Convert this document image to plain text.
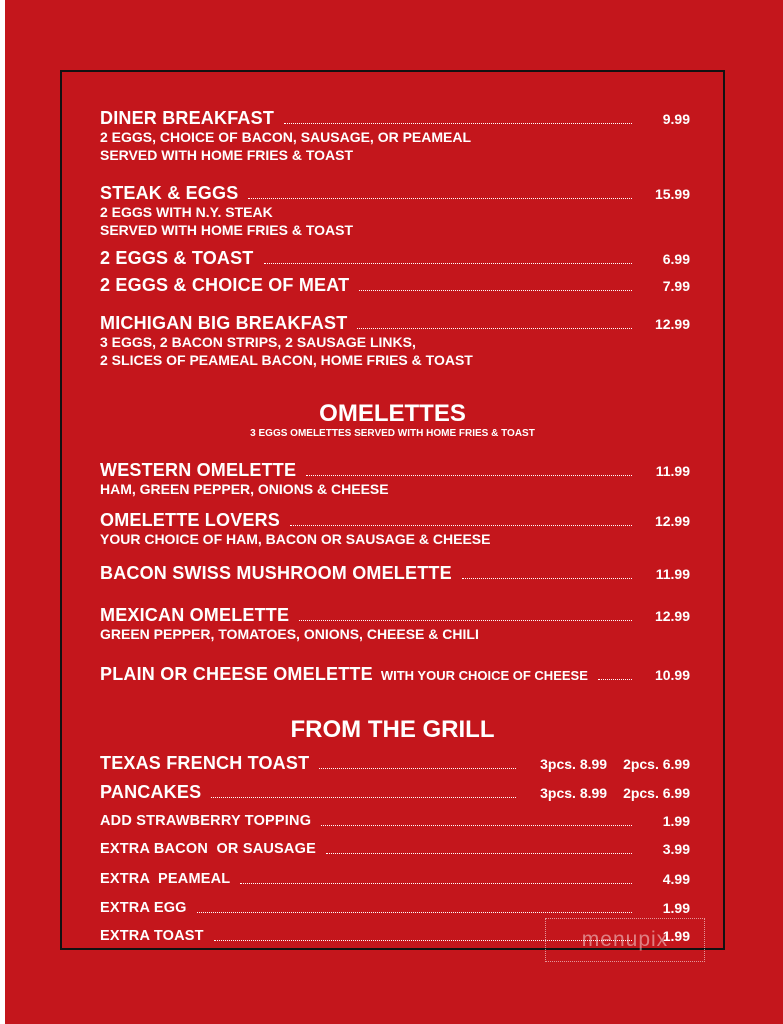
DINER BREAKFAST	9.99
2 EGGS, CHOICE OF BACON, SAUSAGE, OR PEAMEAL
SERVED WITH HOME FRIES & TOAST
STEAK & EGGS	15.99
2 EGGS WITH N.Y. STEAK
SERVED WITH HOME FRIES & TOAST
2 EGGS & TOAST	6.99
2 EGGS & CHOICE OF MEAT	7.99
MICHIGAN BIG BREAKFAST	12.99
3 EGGS, 2 BACON STRIPS, 2 SAUSAGE LINKS,
2 SLICES OF PEAMEAL BACON, HOME FRIES & TOAST
OMELETTES
3 EGGS OMELETTES SERVED WITH HOME FRIES & TOAST
WESTERN OMELETTE	11.99
HAM, GREEN PEPPER, ONIONS & CHEESE
OMELETTE LOVERS	12.99
YOUR CHOICE OF HAM, BACON OR SAUSAGE & CHEESE
BACON SWISS MUSHROOM OMELETTE	11.99
MEXICAN OMELETTE	12.99
GREEN PEPPER, TOMATOES, ONIONS, CHEESE & CHILI
PLAIN OR CHEESE OMELETTE WITH YOUR CHOICE OF CHEESE	10.99
FROM THE GRILL
TEXAS FRENCH TOAST	3pcs. 8.99 2pcs. 6.99
PANCAKES	3pcs. 8.99 2pcs. 6.99
ADD STRAWBERRY TOPPING	1.99
EXTRA BACON  OR SAUSAGE	3.99
EXTRA  PEAMEAL	4.99
EXTRA EGG	1.99
EXTRA TOAST	1.99
menupix
